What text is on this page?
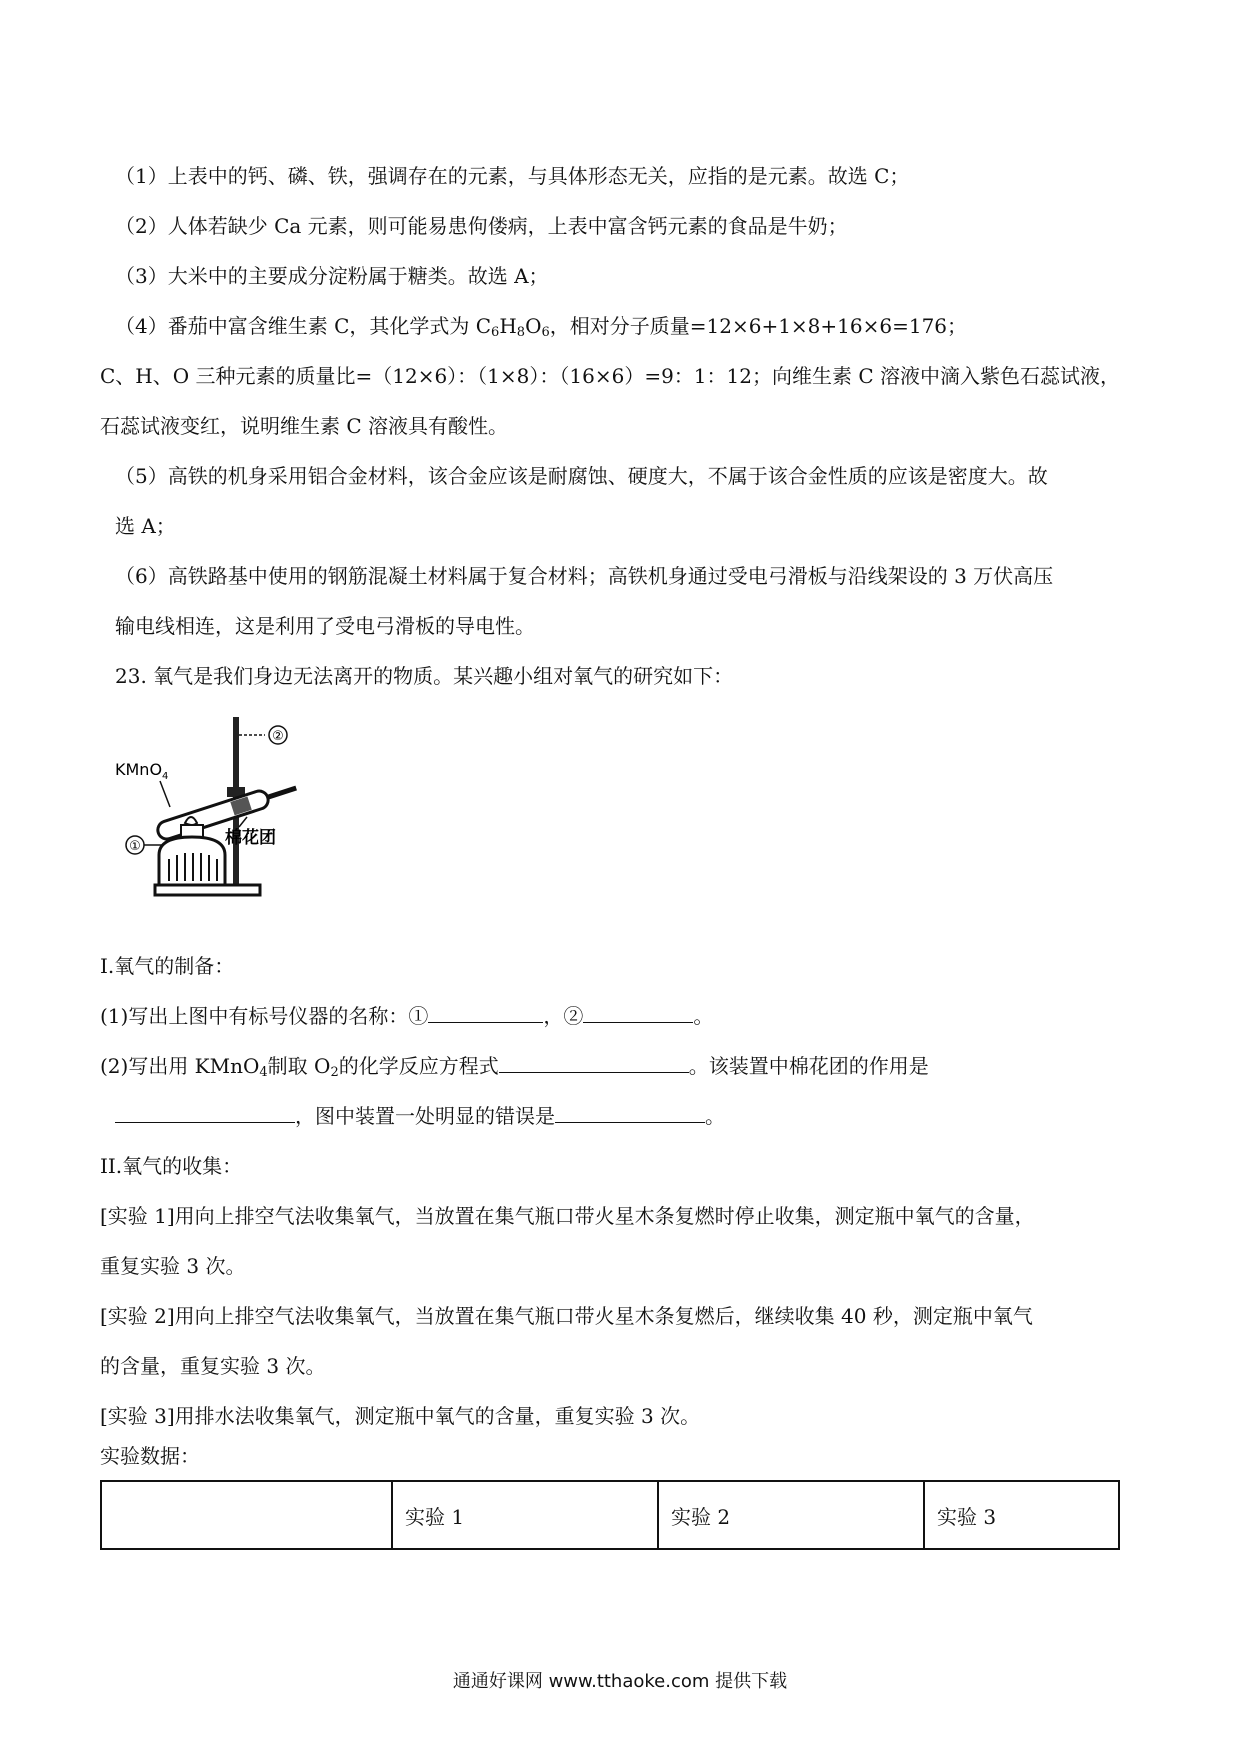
（1）上表中的钙、磷、铁，强调存在的元素，与具体形态无关，应指的是元素。故选 C；
（2）人体若缺少 Ca 元素，则可能易患佝偻病，上表中富含钙元素的食品是牛奶；
（3）大米中的主要成分淀粉属于糖类。故选 A；
（4）番茄中富含维生素 C，其化学式为 $C_6H_8O_6$，相对分子质量=12×6+1×8+16×6=176；
C、H、O 三种元素的质量比=（12×6）：（1×8）：（16×6）=9：1：12；向维生素 C 溶液中滴入紫色石蕊试液，
石蕊试液变红，说明维生素 C 溶液具有酸性。
（5）高铁的机身采用铝合金材料，该合金应该是耐腐蚀、硬度大，不属于该合金性质的应该是密度大。故
选 A；
（6）高铁路基中使用的钢筋混凝土材料属于复合材料；高铁机身通过受电弓滑板与沿线架设的 3 万伏高压
输电线相连，这是利用了受电弓滑板的导电性。
23. 氧气是我们身边无法离开的物质。某兴趣小组对氧气的研究如下：
②
KMnO$_4$
棉花团
①
I.氧气的制备：
(1)写出上图中有标号仪器的名称：①	，②	。
(2)写出用 KMnO$_4$制取 $O_2$的化学反应方程式	。该装置中棉花团的作用是
，图中装置一处明显的错误是	。
II.氧气的收集：
[实验 1]用向上排空气法收集氧气，当放置在集气瓶口带火星木条复燃时停止收集，测定瓶中氧气的含量，
重复实验 3 次。
[实验 2]用向上排空气法收集氧气，当放置在集气瓶口带火星木条复燃后，继续收集 40 秒，测定瓶中氧气
的含量，重复实验 3 次。
[实验 3]用排水法收集氧气，测定瓶中氧气的含量，重复实验 3 次。
实验数据：
	实验 1	实验 2	实验 3
通通好课网 www.tthaoke.com 提供下载
